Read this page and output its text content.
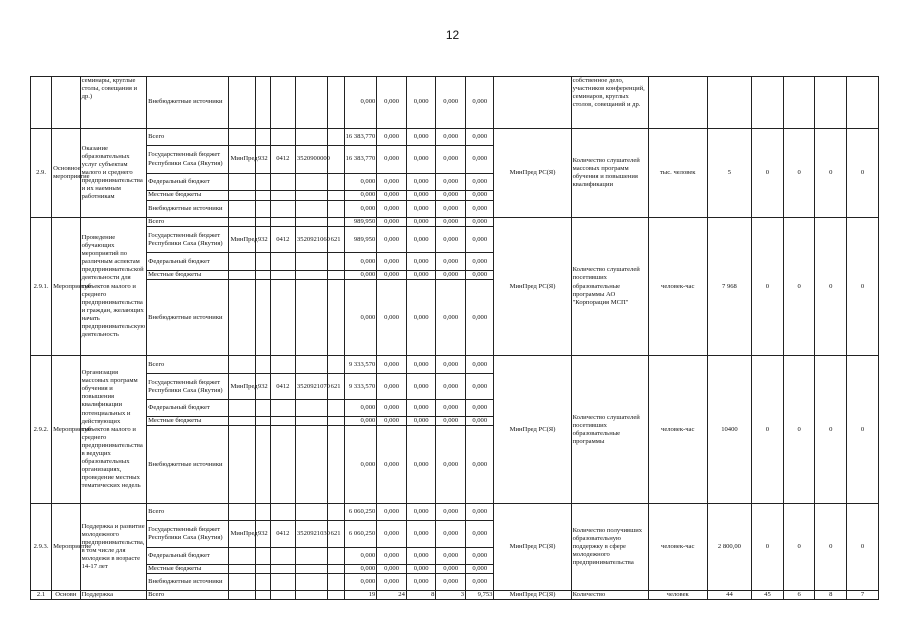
12
		семинары, круглые столы, совещания и др.)	Внебюджетные источники						0,000	0,000	0,000	0,000	0,000		собственное дело, участников конференций, семинаров, круглых столов, совещаний и др.						
2.9.	Основное мероприятие	Оказание образовательных услуг субъектам малого и среднего предпринимательства и их наемным работникам	Всего						16 383,770	0,000	0,000	0,000	0,000	МинПред РС(Я)	Количество слушателей массовых программ обучения и повышения квалификации	тыс. человек	5	0	0	0	0
			Государственный бюджет Республики Саха (Якутия)	МинПред	932	0412	3520900000		16 383,770	0,000	0,000	0,000	0,000								
			Федеральный бюджет						0,000	0,000	0,000	0,000	0,000								
			Местные бюджеты						0,000	0,000	0,000	0,000	0,000								
			Внебюджетные источники						0,000	0,000	0,000	0,000	0,000								
2.9.1.	Мероприятие	Проведение обучающих мероприятий по различным аспектам предпринимательской деятельности для субъектов малого и среднего предпринимательства и граждан, желающих начать предпринимательскую деятельность	Всего						989,950	0,000	0,000	0,000	0,000	МинПред РС(Я)	Количество слушателей посетивших образовательные программы АО "Корпорация МСП"	человек-час	7 968	0	0	0	0
			Государственный бюджет Республики Саха (Якутия)	МинПред	932	0412	3520921060	621	989,950	0,000	0,000	0,000	0,000								
			Федеральный бюджет						0,000	0,000	0,000	0,000	0,000								
			Местные бюджеты						0,000	0,000	0,000	0,000	0,000								
			Внебюджетные источники						0,000	0,000	0,000	0,000	0,000								
2.9.2.	Мероприятие	Организация массовых программ обучения и повышения квалификации потенциальных и действующих субъектов малого и среднего предпринимательства в ведущих образовательных организациях, проведение местных тематических недель	Всего						9 333,570	0,000	0,000	0,000	0,000	МинПред РС(Я)	Количество слушателей посетивших образовательные программы	человек-час	10400	0	0	0	0
			Государственный бюджет Республики Саха (Якутия)	МинПред	932	0412	3520921070	621	9 333,570	0,000	0,000	0,000	0,000								
			Федеральный бюджет						0,000	0,000	0,000	0,000	0,000								
			Местные бюджеты						0,000	0,000	0,000	0,000	0,000								
			Внебюджетные источники						0,000	0,000	0,000	0,000	0,000								
2.9.3.	Мероприятие	Поддержка и развитие молодежного предпринимательства, в том числе для молодежи в возрасте 14-17 лет	Всего						6 060,250	0,000	0,000	0,000	0,000	МинПред РС(Я)	Количество получивших образовательную поддержку в сфере молодежного предпринимательства	человек-час	2 800,00	0	0	0	0
			Государственный бюджет Республики Саха (Якутия)	МинПред	932	0412	3520921030	621	6 060,250	0,000	0,000	0,000	0,000								
			Федеральный бюджет						0,000	0,000	0,000	0,000	0,000								
			Местные бюджеты						0,000	0,000	0,000	0,000	0,000								
			Внебюджетные источники						0,000	0,000	0,000	0,000	0,000								
2.1	Основн	Поддержка	Всего						19	24	8	3	9,753	МинПред РС(Я)	Количество	человек	44	45	6	8	7
